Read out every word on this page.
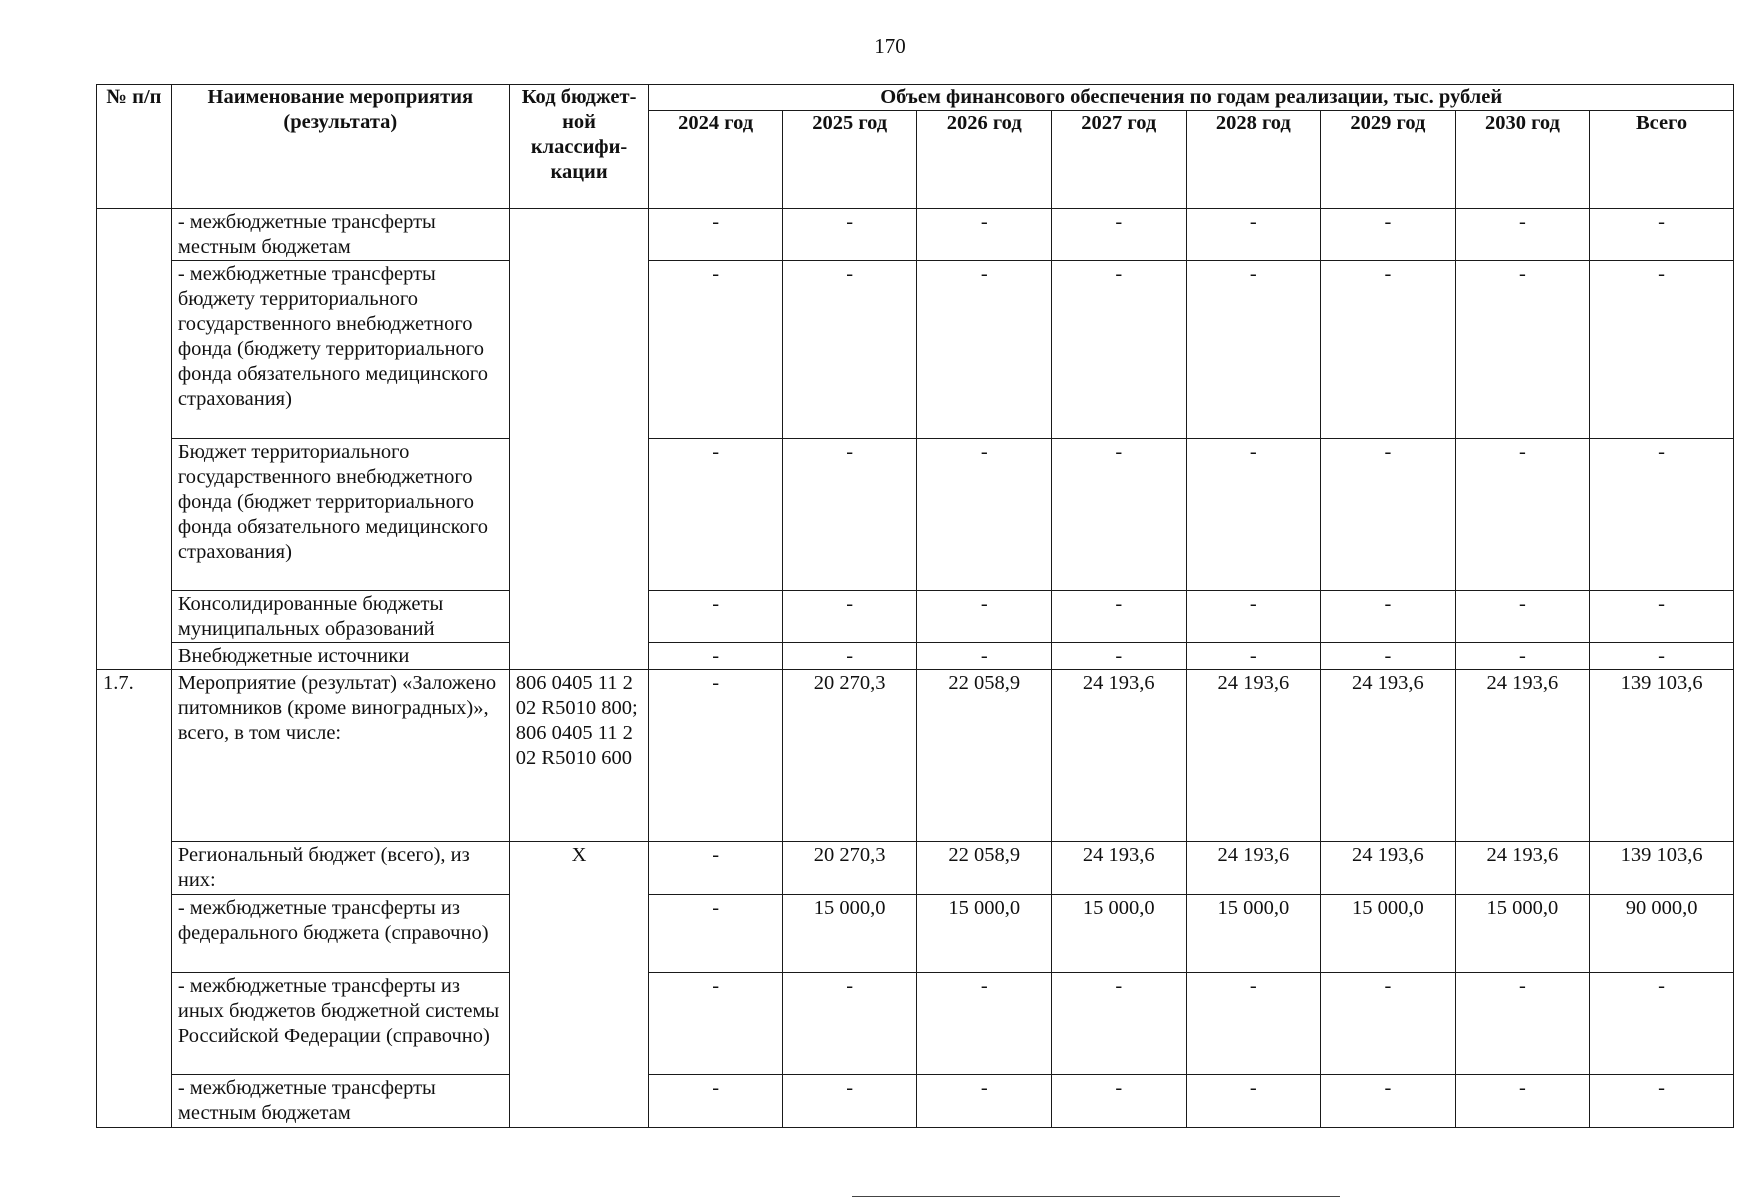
170
№ п/п	Наименование мероприятия (результата)	Код бюджет-ной классифи-кации	Объем финансового обеспечения по годам реализации, тыс. рублей							
			2024 год	2025 год	2026 год	2027 год	2028 год	2029 год	2030 год	Всего
	- межбюджетные трансферты местным бюджетам		-	-	-	-	-	-	-	-
	- межбюджетные трансферты бюджету территориального государственного внебюджетного фонда (бюджету территориального фонда обязательного медицинского страхования)		-	-	-	-	-	-	-	-
	Бюджет территориального государственного внебюджетного фонда (бюджет территориального фонда обязательного медицинского страхования)		-	-	-	-	-	-	-	-
	Консолидированные бюджеты муниципальных образований		-	-	-	-	-	-	-	-
	Внебюджетные источники		-	-	-	-	-	-	-	-
1.7.	Мероприятие (результат) «Заложено питомников (кроме виноградных)», всего, в том числе:	806 0405 11 2 02 R5010 800; 806 0405 11 2 02 R5010 600	-	20 270,3	22 058,9	24 193,6	24 193,6	24 193,6	24 193,6	139 103,6
	Региональный бюджет (всего), из них:	Х	-	20 270,3	22 058,9	24 193,6	24 193,6	24 193,6	24 193,6	139 103,6
	- межбюджетные трансферты из федерального бюджета (справочно)		-	15 000,0	15 000,0	15 000,0	15 000,0	15 000,0	15 000,0	90 000,0
	- межбюджетные трансферты из иных бюджетов бюджетной системы Российской Федерации (справочно)		-	-	-	-	-	-	-	-
	- межбюджетные трансферты местным бюджетам		-	-	-	-	-	-	-	-
